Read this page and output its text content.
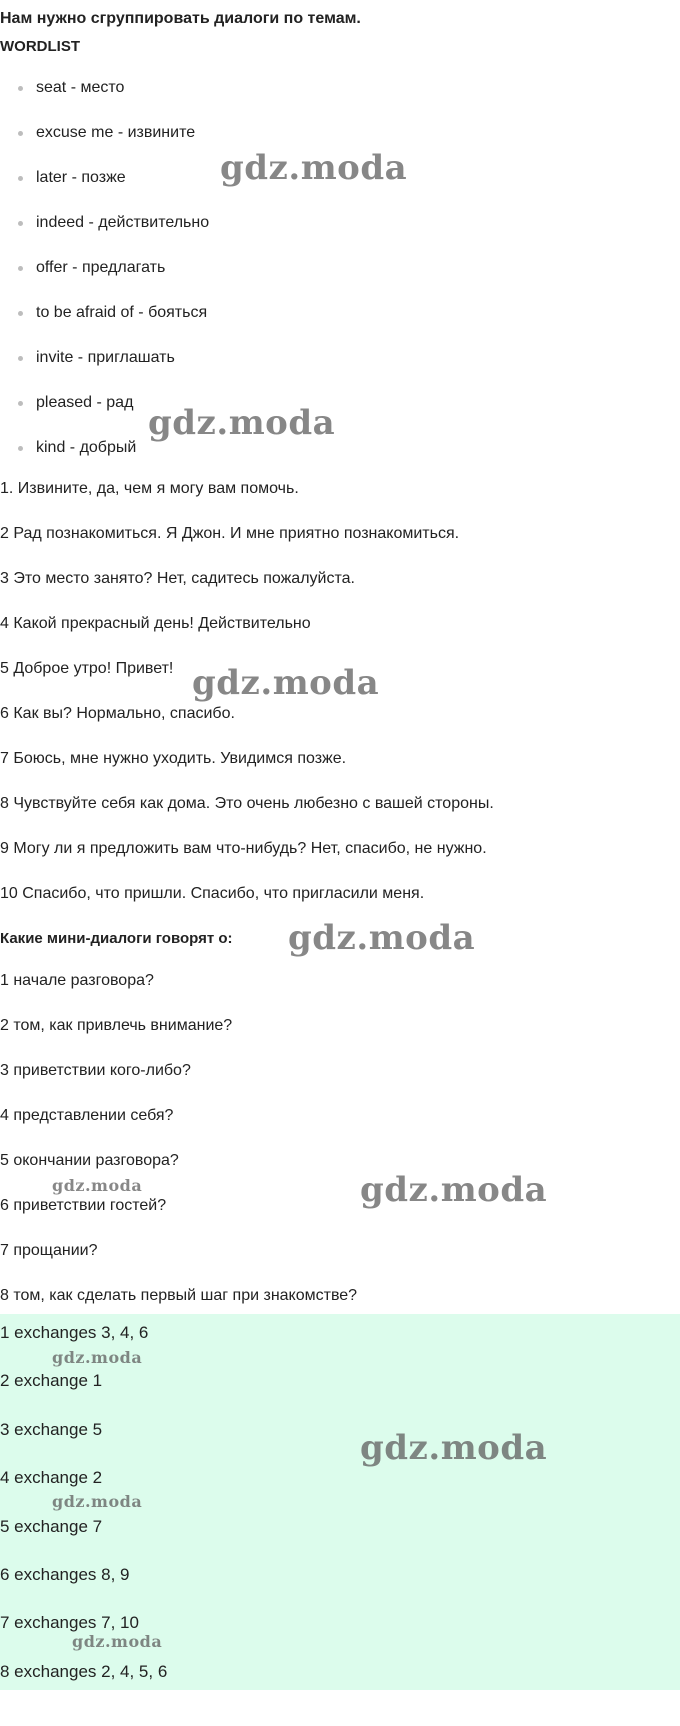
Нам нужно сгруппировать диалоги по темам.

WORDLIST

seat - место
excuse me - извините
later - позже
indeed - действительно
offer - предлагать
to be afraid of - бояться
invite - приглашать
pleased - рад
kind - добрый

1. Извините, да, чем я могу вам помочь.

2 Рад познакомиться. Я Джон. И мне приятно познакомиться.

3 Это место занято? Нет, садитесь пожалуйста.

4 Какой прекрасный день! Действительно

5 Доброе утро! Привет!

6 Как вы? Нормально, спасибо.

7 Боюсь, мне нужно уходить. Увидимся позже.

8 Чувствуйте себя как дома. Это очень любезно с вашей стороны.

9 Могу ли я предложить вам что-нибудь? Нет, спасибо, не нужно.

10 Спасибо, что пришли. Спасибо, что пригласили меня.

Какие мини-диалоги говорят о:

1 начале разговора?

2 том, как привлечь внимание?

3 приветствии кого-либо?

4 представлении себя?

5 окончании разговора?

6 приветствии гостей?

7 прощании?

8 том, как сделать первый шаг при знакомстве?

1 exchanges 3, 4, 6

2 exchange 1

3 exchange 5

4 exchange 2

5 exchange 7

6 exchanges 8, 9

7 exchanges 7, 10

8 exchanges 2, 4, 5, 6

gdz.moda
gdz.moda
gdz.moda
gdz.moda
gdz.moda	gdz.moda
gdz.moda
gdz.moda
gdz.moda
gdz.moda
